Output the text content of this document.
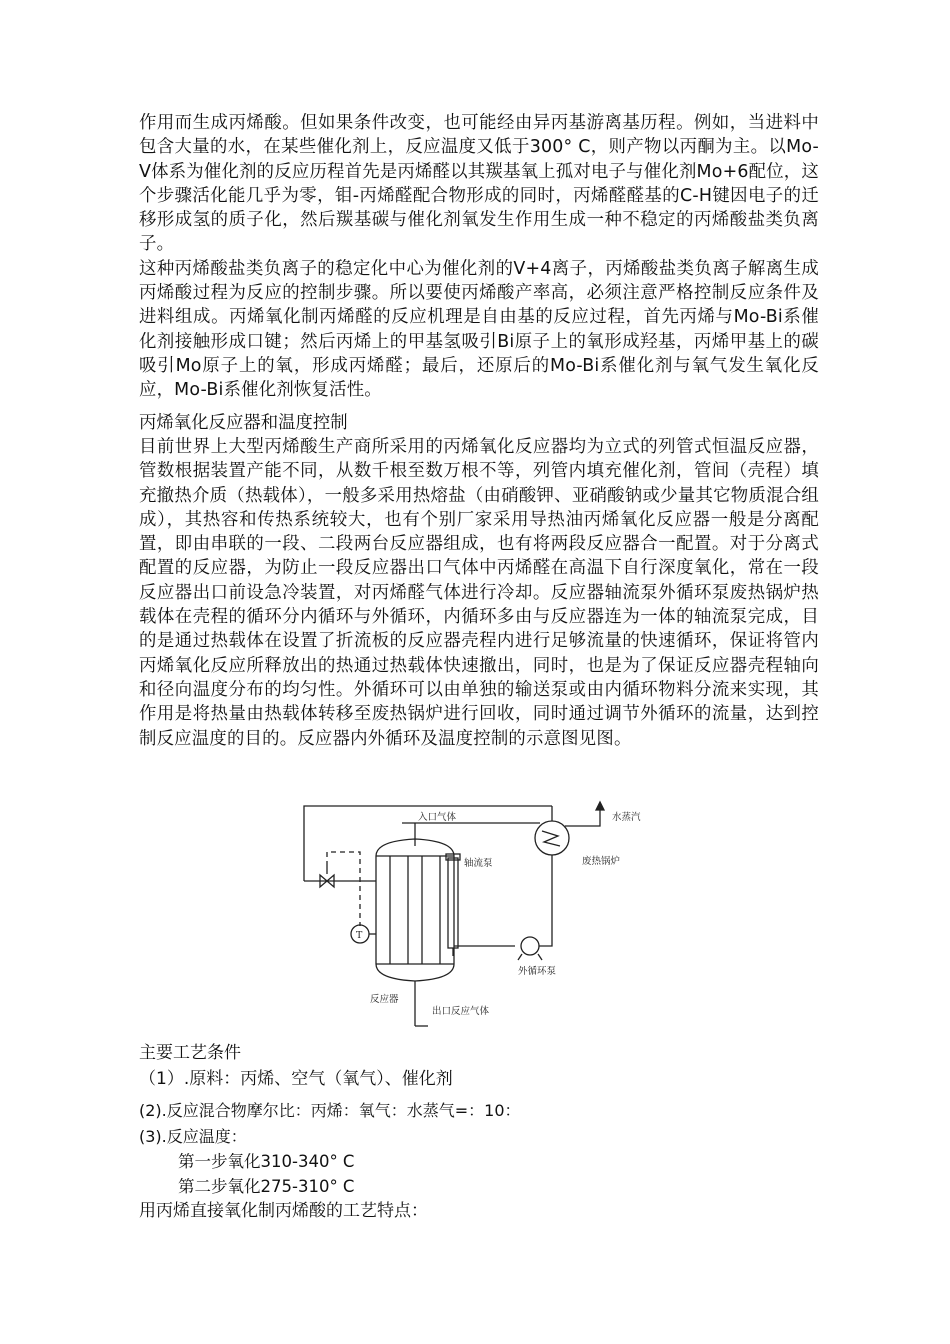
作用而生成丙烯酸。但如果条件改变，也可能经由异丙基游离基历程。例如，当进料中包含大量的水，在某些催化剂上，反应温度又低于300° C，则产物以丙酮为主。以Mo-V体系为催化剂的反应历程首先是丙烯醛以其羰基氧上孤对电子与催化剂Mo+6配位，这个步骤活化能几乎为零，钼-丙烯醛配合物形成的同时，丙烯醛醛基的C-H键因电子的迁移形成氢的质子化，然后羰基碳与催化剂氧发生作用生成一种不稳定的丙烯酸盐类负离子。

这种丙烯酸盐类负离子的稳定化中心为催化剂的V+4离子，丙烯酸盐类负离子解离生成丙烯酸过程为反应的控制步骤。所以要使丙烯酸产率高，必须注意严格控制反应条件及进料组成。丙烯氧化制丙烯醛的反应机理是自由基的反应过程，首先丙烯与Mo-Bi系催化剂接触形成口键；然后丙烯上的甲基氢吸引Bi原子上的氧形成羟基，丙烯甲基上的碳吸引Mo原子上的氧，形成丙烯醛；最后，还原后的Mo-Bi系催化剂与氧气发生氧化反应，Mo-Bi系催化剂恢复活性。

丙烯氧化反应器和温度控制

目前世界上大型丙烯酸生产商所采用的丙烯氧化反应器均为立式的列管式恒温反应器，管数根据装置产能不同，从数千根至数万根不等，列管内填充催化剂，管间（壳程）填充撤热介质（热载体），一般多采用热熔盐（由硝酸钾、亚硝酸钠或少量其它物质混合组成），其热容和传热系统较大，也有个别厂家采用导热油丙烯氧化反应器一般是分离配置，即由串联的一段、二段两台反应器组成，也有将两段反应器合一配置。对于分离式配置的反应器，为防止一段反应器出口气体中丙烯醛在高温下自行深度氧化，常在一段反应器出口前设急冷装置，对丙烯醛气体进行冷却。反应器轴流泵外循环泵废热锅炉热载体在壳程的循环分内循环与外循环，内循环多由与反应器连为一体的轴流泵完成，目的是通过热载体在设置了折流板的反应器壳程内进行足够流量的快速循环，保证将管内丙烯氧化反应所释放出的热通过热载体快速撤出，同时，也是为了保证反应器壳程轴向和径向温度分布的均匀性。外循环可以由单独的输送泵或由内循环物料分流来实现，其作用是将热量由热载体转移至废热锅炉进行回收，同时通过调节外循环的流量，达到控制反应温度的目的。反应器内外循环及温度控制的示意图见图。

入口气体	水蒸汽
轴流泵	废热锅炉
外循环泵
反应器
出口反应气体
T
主要工艺条件
（1）.原料：丙烯、空气（氧气）、催化剂
(2).反应混合物摩尔比：丙烯：氧气：水蒸气=：10：
(3).反应温度：
第一步氧化310-340° C
第二步氧化275-310° C
用丙烯直接氧化制丙烯酸的工艺特点：
